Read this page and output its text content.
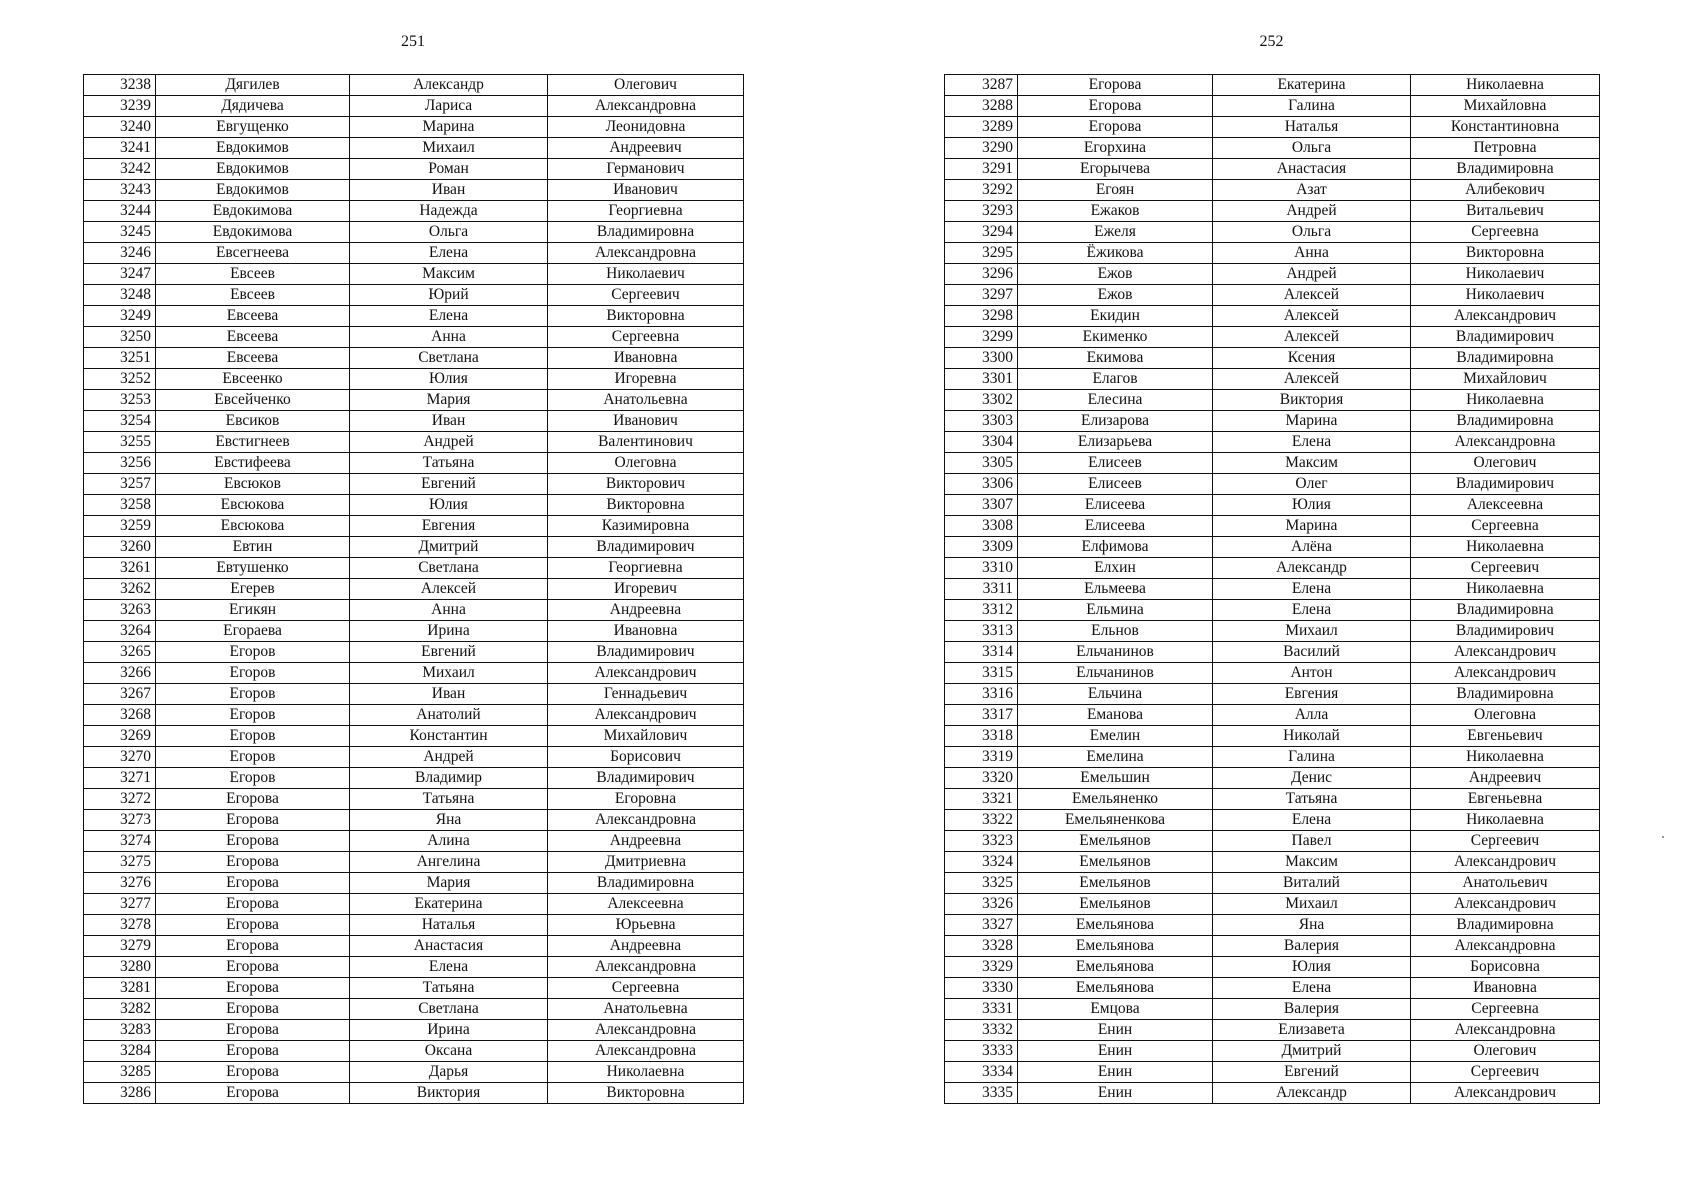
251
3238	Дягилев	Александр	Олегович
3239	Дядичева	Лариса	Александровна
3240	Евгущенко	Марина	Леонидовна
3241	Евдокимов	Михаил	Андреевич
3242	Евдокимов	Роман	Германович
3243	Евдокимов	Иван	Иванович
3244	Евдокимова	Надежда	Георгиевна
3245	Евдокимова	Ольга	Владимировна
3246	Евсегнеева	Елена	Александровна
3247	Евсеев	Максим	Николаевич
3248	Евсеев	Юрий	Сергеевич
3249	Евсеева	Елена	Викторовна
3250	Евсеева	Анна	Сергеевна
3251	Евсеева	Светлана	Ивановна
3252	Евсеенко	Юлия	Игоревна
3253	Евсейченко	Мария	Анатольевна
3254	Евсиков	Иван	Иванович
3255	Евстигнеев	Андрей	Валентинович
3256	Евстифеева	Татьяна	Олеговна
3257	Евсюков	Евгений	Викторович
3258	Евсюкова	Юлия	Викторовна
3259	Евсюкова	Евгения	Казимировна
3260	Евтин	Дмитрий	Владимирович
3261	Евтушенко	Светлана	Георгиевна
3262	Егерев	Алексей	Игоревич
3263	Егикян	Анна	Андреевна
3264	Егораева	Ирина	Ивановна
3265	Егоров	Евгений	Владимирович
3266	Егоров	Михаил	Александрович
3267	Егоров	Иван	Геннадьевич
3268	Егоров	Анатолий	Александрович
3269	Егоров	Константин	Михайлович
3270	Егоров	Андрей	Борисович
3271	Егоров	Владимир	Владимирович
3272	Егорова	Татьяна	Егоровна
3273	Егорова	Яна	Александровна
3274	Егорова	Алина	Андреевна
3275	Егорова	Ангелина	Дмитриевна
3276	Егорова	Мария	Владимировна
3277	Егорова	Екатерина	Алексеевна
3278	Егорова	Наталья	Юрьевна
3279	Егорова	Анастасия	Андреевна
3280	Егорова	Елена	Александровна
3281	Егорова	Татьяна	Сергеевна
3282	Егорова	Светлана	Анатольевна
3283	Егорова	Ирина	Александровна
3284	Егорова	Оксана	Александровна
3285	Егорова	Дарья	Николаевна
3286	Егорова	Виктория	Викторовна
252
3287	Егорова	Екатерина	Николаевна
3288	Егорова	Галина	Михайловна
3289	Егорова	Наталья	Константиновна
3290	Егорхина	Ольга	Петровна
3291	Егорычева	Анастасия	Владимировна
3292	Егоян	Азат	Алибекович
3293	Ежаков	Андрей	Витальевич
3294	Ежеля	Ольга	Сергеевна
3295	Ёжикова	Анна	Викторовна
3296	Ежов	Андрей	Николаевич
3297	Ежов	Алексей	Николаевич
3298	Екидин	Алексей	Александрович
3299	Екименко	Алексей	Владимирович
3300	Екимова	Ксения	Владимировна
3301	Елагов	Алексей	Михайлович
3302	Елесина	Виктория	Николаевна
3303	Елизарова	Марина	Владимировна
3304	Елизарьева	Елена	Александровна
3305	Елисеев	Максим	Олегович
3306	Елисеев	Олег	Владимирович
3307	Елисеева	Юлия	Алексеевна
3308	Елисеева	Марина	Сергеевна
3309	Елфимова	Алёна	Николаевна
3310	Елхин	Александр	Сергеевич
3311	Ельмеева	Елена	Николаевна
3312	Ельмина	Елена	Владимировна
3313	Ельнов	Михаил	Владимирович
3314	Ельчанинов	Василий	Александрович
3315	Ельчанинов	Антон	Александрович
3316	Ельчина	Евгения	Владимировна
3317	Еманова	Алла	Олеговна
3318	Емелин	Николай	Евгеньевич
3319	Емелина	Галина	Николаевна
3320	Емельшин	Денис	Андреевич
3321	Емельяненко	Татьяна	Евгеньевна
3322	Емельяненкова	Елена	Николаевна
3323	Емельянов	Павел	Сергеевич
3324	Емельянов	Максим	Александрович
3325	Емельянов	Виталий	Анатольевич
3326	Емельянов	Михаил	Александрович
3327	Емельянова	Яна	Владимировна
3328	Емельянова	Валерия	Александровна
3329	Емельянова	Юлия	Борисовна
3330	Емельянова	Елена	Ивановна
3331	Емцова	Валерия	Сергеевна
3332	Енин	Елизавета	Александровна
3333	Енин	Дмитрий	Олегович
3334	Енин	Евгений	Сергеевич
3335	Енин	Александр	Александрович
